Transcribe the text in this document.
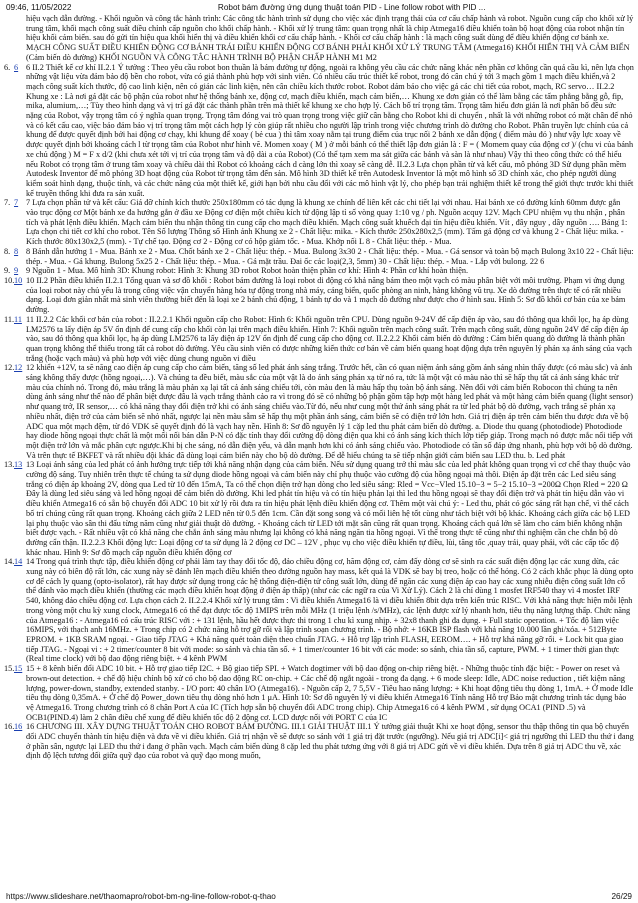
09:46, 11/05/2022	Robot bám đường ứng dụng thuật toán PID - Line follow robot with PID ...
hiệu vạch dẫn đường. - Khối nguồn và công tắc hành trình: Các công tắc hành trình sử dụng cho việc xác định trạng thái của cơ cấu chấp hành và robot. Nguồn cung cấp cho khối xử lý trung tâm, khối mạch công suất điều chỉnh cấp nguồn cho khối chấp hành. - Khối xử lý trung tâm: quan trọng nhất là chip Atmega16 điều khiển toàn bộ hoạt động của robot nhận tín hiệu khối cảm biến. sau đó gửi tín hiệu qua khối hiển thị và điều khiển khối cơ cấu chấp hành. - Khối cơ cấu chấp hành : là mạch công suất dùng để điều khiển động cơ bánh xe. MẠCH CÔNG SUẤT ĐIỀU KHIỂN ĐỘNG CƠ BÁNH TRÁI ĐIỀU KHIỂN ĐỘNG CƠ BÁNH PHẢI KHỐI XỬ LÝ TRUNG TÂM (Atmega16) KHỐI HIỂN THỊ VÀ CẢM BIẾN (Cảm biến dò đường) KHỐI NGUỒN VÀ CÔNG TẮC HÀNH TRÌNH BỘ PHẬN CHẤP HÀNH M1 M2
6. 6 6 II.2 Thiết kế cơ khí II.2.1 Ý tưởng : Theo yêu cầu robot bon thuần là bám đường tự động, ngoài ra không yêu cầu các chức năng khác nên phần cơ không cần quá cầu kì, nên lựa chọn những vật liệu vừa đảm bảo độ bền cho robot, vừa có giá thành phù hợp với sinh viên. Có nhiều cấu trúc thiết kế robot, trong đó cân chú ý tới 3 mạch gồm 1 mạch điều khiển,và 2 mạch công suất kích thước, độ cao linh kiện, nên có giản các linh kiện, nên cân chiều kích thước robot. Robot dám bảo cho việc gá các chi tiết của robot, mạch, RC servo… II.2.2 Khung xe : Là nơi gá đặt các bộ phận của robot như hệ thống bánh xe, động cơ, mạch điều khiển, mạch cảm biến,… Khung xe đơn giản có thể làm bằng các tấm phẳng bằng gỗ, fip, mika, alumium,…; Tùy theo hình dạng và vị trí gá đặt các thành phần trên mà thiết kế khung xe cho hợp lý. Cách bố trí trọng tâm. Trọng tâm hiểu đơn giản là nơi phân bố đều sức nặng của Robot, vậy trọng tâm có ý nghĩa quan trọng. Trọng tâm đóng vai trò quan trọng trong việc giữ cân bằng cho Robot khi di chuyển , nhất là với những robot có mặt chân đế nhỏ và có kết cấu cao, việc bảo đảm bảo vị trí trọng tâm một cách hợp lý còn giúp rất nhiều cho người lập trình trong việc chương trình dò đường cho Robot. Phân truyền lực chính của cả khung để được quyết định bởi hai động cơ chạy, khi khung để xoay ( bẻ cua ) thì tâm xoay nằm tại trung điểm của trục nối 2 bánh xe dẫn động ( điểm màu đỏ ) như vậy lực xoay về được quyết định bởi khoảng cách l từ trọng tâm của Robot như hình vẽ. Momen xoay ( M ) ở mỗi bánh có thể thiết lập đơn giản là : F = ( Momem quay của động cơ )/ (chu vi của bánh xe chủ động ) M = F x d/2 (khi chưa xét tới vị trí của trọng tâm và độ dài a của Robot) (Có thể tạm xem ma sát giữa các bánh và sàn là như nhau) Vậy thì theo công thức có thể hiểu nếu Robot có trọng tâm ở trung tâm xoay và chiều dài thì Robot có khoảng cách d càng lớn thì xoay sẽ càng dễ. II.2.3 Lựa chọn phần từ và kết cấu, mô phỏng 3D Sử dụng phần mềm Autodesk Inventor để mô phỏng 3D hoạt động của Robot từ trọng tâm đến sản. Mô hình 3D thiết kế trên Autodesk Inventor là một mô hình số 3D chính xác, cho phép người dùng kiểm soát hình dạng, thuộc tính, và các chức năng của một thiết kế, giới hạn bởi nhu cầu đổi với các mô hình vật lý, cho phép bạn trải nghiệm thiết kế trong thế giới thực trước khi thiết kế truyền thống khi đưa ra sản xuất.
7. 7 7 Lựa chọn phần tử và kết cấu: Giá đỡ chính kích thước 250x180mm có tác dụng là khung xe chính để liên kết các chi tiết lại với nhau. Hai bánh xe có đường kính 60mm được gắn vào trục động cơ Một bánh xe đa hướng gắn ở đầu xe Động cơ điện một chiều kích từ động lập tỉ số vòng quay 1:10 vg / ph. Nguồn acquy 12V. Mạch CPU nhiệm vụ thu nhận , phân tích và phát lệnh điều khiển. Mạch cảm biến thu nhận thông tin cung cấp cho mạch điều khiển. Mạch công suất khuếch đại tín hiệu điều khiển. Vít , đây nguy , dây nguồn …. Bảng 1: Lựa chọn chi tiết cơ khí cho robot. Tên Số lượng Thông số Hình ảnh Khung xe 2 - Chất liệu: mika. - Kích thước 250x280x2,5 (mm). Tấm gá động cơ và khung 2 - Chất liệu: mika. - Kích thước 80x130x2,5 (mm). - Tự chế tạo. Động cơ 2 - Động cơ có hộp giảm tốc. - Mua. Khớp nối L 8 - Chất liệu: thép. - Mua.
8. 8 8 Bánh dẫn hướng 1 - Mua. Bánh xe 2 - Mua. Chốt bánh xe 2 - Chất liệu: thép. - Mua. Bulong 3x30 2 - Chất liệu: thép. - Mua. - Gá sensor và toàn bộ mạch Bulong 3x10 22 - Chất liệu: thép. - Mua. - Gá khung. Bulong 5x25 2 - Chất liệu: thép. - Mua. - Gá mặt trầu. Đai ốc các loại(2,3, 5mm) 30 - Chất liệu: thép. - Mua. - Lắp với bulong. 22 6
9. 9 9 Nguồn 1 - Mua. Mô hình 3D: Khung robot: Hình 3: Khung 3D robot Robot hoàn thiện phần cơ khí: Hình 4: Phần cơ khí hoàn thiện.
10. 10 10 II.2 Phần điều khiển II.2.1 Tổng quan và sơ đồ khối : Robot bám đường là loại robot di động có khả năng bám theo một vạch có màu phân biệt với môi trường. Phạm vi ứng dụng của loại robot này chủ yếu là trong công việc vận chuyển hàng hóa tự động trong nhà máy, cảng biển, quốc phòng an ninh, hàng không vũ trụ. Xe dò đường trên thực tế có rất nhiều dạng. Loại đơn giản nhất mà sinh viên thường biết đến là loại xe 2 bánh chủ động, 1 bánh tự do và 1 mạch dò đường như được cho ở hình sau. Hình 5: Sơ đồ khối cơ bản của xe bám đường.
11. 11 11 II.2.2 Các khối cơ bản của robot : II.2.2.1 Khối nguồn cấp cho Robot: Hình 6: Khối nguồn trên CPU. Dùng nguồn 9-24V để cấp điện áp vào, sau đó thông qua khối lọc, hạ áp dùng LM2576 ta lấy điện áp 5V ổn định để cung cấp cho khối còn lại trên mạch điều khiển. Hình 7: Khối nguồn trên mạch công suất. Trên mạch công suất, dùng nguồn 24V để cấp điện áp vào, sau đó thông qua khối lọc, hạ áp dùng LM2576 ta lấy điện áp 12V ổn định để cung cấp cho động cơ. II.2.2.2 Khối cảm biến dò đường : Cảm biến quang dò đường là thành phần quan trọng không thể thiếu trong tất cả robot dò đường. Yêu cầu sinh viên có được những kiến thức cơ bản về cảm biến quang hoạt động dựa trên nguyên lý phản xạ ánh sáng của vạch trắng (hoặc vạch màu) và phù hợp với việc dùng chung nguồn vi điều
12. 12 12 khiển +12V, ta sẽ năng cao điện áp cung cấp cho cảm biến, tăng số led phát ánh sáng trắng. Trước hết, cần có quan niệm ánh sáng gồm ánh sáng nhìn thấy được (có màu sắc) và ánh sáng không thấy được (hồng ngoại,…). Và chúng ta đều biết, màu sắc của một vật là do ánh sáng phản xạ từ nó ra, tức là một vật có màu nào thì sẽ hấp thụ tất cả ánh sáng khác trừ màu của chính nó. Trong đó, màu trắng là màu phản xạ lại tất cả ánh sáng chiếu tới, còn màu đen là màu hấp thụ toàn bộ ánh sáng. Nên đối với cảm biến Robocon thì chúng ta nên dùng ánh sáng như thế nào để phân biệt được đâu là vạch trắng thành cảo ra vì trong đó sẽ có những bộ phận gồm tập hợp một hàng led phát và một hàng cảm biến quang (light sensor) như quang trở, IR sensor,… có khả năng thay đổi điện trở khi có ánh sáng chiếu vào.Từ đó, nếu như cung một thứ ánh sáng phát ra từ led phát bộ dò đường, vạch trắng sẽ phản xạ nhiều nhất, điện trở của cảm biến sẽ nhỏ nhất, ngược lại nền màu sẫm sẽ hấp thụ một phần ánh sáng, cảm biến sẽ có điện trở lớn hơn. Giá trị điện áp trên cảm biến thu được đưa về bộ ADC qua một mạch đệm, từ đó VDK sẽ quyết định đó là vạch hay nền. Hình 8: Sơ đồ nguyên lý 1 cặp led thu phát cảm biến dò đường. a. Diode thu quang (photodiode) Photodiode hay diode hồng ngoại thực chất là một mối nối bán dẫn P-N có đặc tính thay đổi cường độ dòng điện qua khi có ánh sáng kích thích lớp tiếp giáp. Trong mạch nó được mắc nối tiếp với một điện trở lớn và mắc phân cực ngược.Khi bị che sáng, nó dẫn điện yếu, và dẫn mạnh hơn khi có ánh sáng chiếu vào. Photodiode có tần số đáp ứng nhanh, phù hợp với bộ dò đường. Và trên thực tế BKFET và rất nhiều đội khác đã dùng loại cảm biến này cho bộ dò đường. Để dễ hiểu chúng ta sẽ tiếp nhận giới cảm biến sau LED thu. b. Led phát
13. 13 13 Loại ánh sáng của led phát có ảnh hưởng trực tiếp tới khả năng nhận dạng của cảm biến. Nếu sử dụng quang trở thì màu sắc của led phát không quan trọng vì cơ chế thay thuộc vào cường độ sáng. Tuy nhiên trên thực tế chúng ta sử dụng diode hồng ngoại và cảm biến này chỉ phụ thuộc vào cường độ của hồng ngoại mà thôi. Điện áp đặt trên các Led siêu sáng trắng có điện áp khoảng 2V, dòng qua Led từ 10 đến 15mA, Ta có thể chọn điện trở hạn dòng cho led siêu sáng: Rled = Vcc−Vled 15.10−3 = 5−2 15.10−3 =200Ω Chọn Rled = 220 Ω Đây là dùng led siêu sáng và led hồng ngoại để cảm biến dò đường. Khi led phát tín hiệu và có tín hiệu phản lại thì led thu hồng ngoại sẽ thay đổi điện trở và phát tín hiệu dẫn vào vi điều khiển Atmega16 có sẵn bộ chuyển đổi ADC 10 bit xử lý rồi đưa ra tín hiệu phát lệnh điều khiển động cơ. Thêm một vài chú ý: - Led thu, phát có góc sáng rất hạn chế, vì thế cách bố trí chúng cũng rất quan trọng. Khoảng cách giữa 2 LED nên từ 0.5 đến 1cm. Cần đặt song song và có mối liên hệ tốt cùng như tách biệt với bộ khác. Khoảng cách giữa các bộ LED lại phụ thuộc vào sân thi đấu từng năm cũng như giải thuật dò đường. - Khoảng cách từ LED tới mặt sân cũng rất quan trọng. Khoảng cách quá lớn sẽ làm cho cảm biến không nhận biết được vạch. - Rất nhiều vật có khả năng che chắn ánh sáng màu nhưng lại không có khả năng ngăn tia hồng ngoại. Vì thế trong thực tế cũng như thi nghiệm cần che chắn bộ dò đường cẩn thận. II.2.2.3 Khối động lực: Loại động cơ ta sử dụng là 2 động cơ DC – 12V , phục vụ cho việc điều khiển tự điều, lùi, tăng tốc ,quay trái, quay phải, với các cấp tốc độ khác nhau. Hình 9: Sơ đồ mạch cấp nguồn điều khiển động cơ
14. 14 14 Trong quá trình thực tập, điều khiển động cơ phải làm tay thay đổi tốc độ, đảo chiều động cơ, hãm động cơ, cảm đấy dòng cơ sẽ sinh ra các suất điện động lạc các xung dừa, các xung này có biên độ rất lớn, các xung này sẽ đánh lên mạch điều khiển theo đường nguồn hay mass, kết quả là VDK sẽ bay bị treo, hoặc có thể hỏng. Có 2 cách khắc phục là dùng opto cơ để cách ly quang (opto-isolator), rất hay được sử dụng trong các hệ thống điện-điện tử công suất lớn, dùng để ngăn các xung điện áp cao hay các xung nhiễu điện công suất lớn cổ thể đánh vào mạch điều khiển (thường các mạch điều khiển hoạt động ở điện áp thấp) (như các các ngữ ra của Vi Xử Lý). Cách 2 là chỉ dùng 1 mosfet IRF540 thay vì 4 mosfet IRF 540, không đảo chiều động cơ. Lựa chọn cách 2. II.2.2.4 Khối xử lý trung tâm : Vi điều khiển Atmega16 là vi điều khiển 8bit dựa trên kiến trúc RISC. Với khả năng thực hiện mỗi lệnh trong vòng một chu kỳ xung clock, Atmega16 có thể đạt được tốc độ 1MIPS trên mỗi MHz (1 triệu lệnh /s/MHz), các lệnh được xử lý nhanh hơn, tiêu thụ năng lượng thấp. Chức năng của Atmega16 : - Atmega16 có cấu trúc RISC với : + 131 lệnh, hầu hết được thực thi trong 1 chu kì xung nhịp. + 32x8 thanh ghi đa dụng. + Full static operation. + Tốc độ làm việc 16MIPS, với thạch anh 16MHz. + Trong chip có 2 chức năng hỗ trợ gỡ rối và lập trình soạn chương trình. - Bộ nhớ: + 16KB ISP flash với khả năng 10.000 lần ghi/xóa. + 512Byte EPROM. + 1KB SRAM ngoại. - Giao tiếp JTAG + Khả năng quét toàn diện theo chuẩn JTAG. + Hỗ trợ lập trình FLASH, EEROM…. + Hỗ trợ khả năng gỡ rối. + Lock bit qua giao tiếp JTAG. - Ngoại vi : + 2 timer/counter 8 bit với mode: so sánh và chia tần số. + 1 timer/counter 16 bit với các mode: so sánh, chia tần số, capture, PWM. + 1 timer thời gian thực (Real time clock) với bộ dao động riêng biệt. + 4 kênh PWM
15. 15 15 + 8 kênh biến đổi ADC 10 bit. + Hỗ trợ giao tiếp I2C. + Bộ giao tiếp SPI. + Watch dogtimer với bộ dao động on-chip riêng biệt. - Những thuộc tính đặc biệt: - Power on reset và brown-out detection. + chế độ hiệu chỉnh bộ xử có cho bộ dao động RC on-chip. + Các chế độ ngắt ngoài - trong đa dạng. + 6 mode sleep: Idle, ADC noise reduction , tiết kiệm năng lượng, power-down, standby, extended stanby. - I/O port: 40 chân I/O (Atmega16). - Nguồn cấp 2, 7 5,5V - Tiêu hao năng lượng: + Khi hoạt động tiêu thụ dòng 1, 1mA. + Ở mode Idle tiêu thụ dòng 0,35mA. + Ở chế độ Power_down tiêu thụ dòng nhỏ hơn 1 μA. Hình 10: Sơ đồ nguyên lý vi điều khiển Atmega16 Tính năng Hỗ trợ Bảo mật chương trình tác dụng bảo vệ Atmega16. Trong chương trình có 8 chân Port A của IC (Tích hợp sẵn bộ chuyển đổi ADC trong chip). Chip Atmega16 có 4 kênh PWM , sử dụng OCA1 (PIND .5) và OCB1(PIND.4) làm 2 chân điều chế xung để điều khiển tốc độ 2 động cơ. LCD được nối với PORT C của IC
16. 16 16 CHƯƠNG III. XÂY DỰNG THUẬT TOÁN CHO ROBOT BÁM ĐƯỜNG. III.1 GIẢI THUẬT III.1 Ý tưởng giải thuật Khi xe hoạt động, sensor thu thập thông tin qua bộ chuyển đổi ADC chuyển thành tín hiệu điện và đưa về vi điều khiển. Giá trị nhận về sẽ được so sánh với 1 giá trị đặt trước (ngưỡng). Nếu giá trị ADC[i]< giá trị ngưỡng thì LED thu thứ i đang ở phần sân, ngược lại LED thu thứ i đang ở phần vạch. Mạch cảm biến dùng 8 cặp led thu phát tương ứng với 8 giá trị ADC gửi về vi điều khiển. Dựa trên 8 giá trị ADC thu về, xác định độ lệch tương đối giữa quỹ đạo của robot và quỹ đạo mong muốn,
https://www.slideshare.net/thaomapro/robot-bm-ng-line-follow-robot-q-thao	26/29
